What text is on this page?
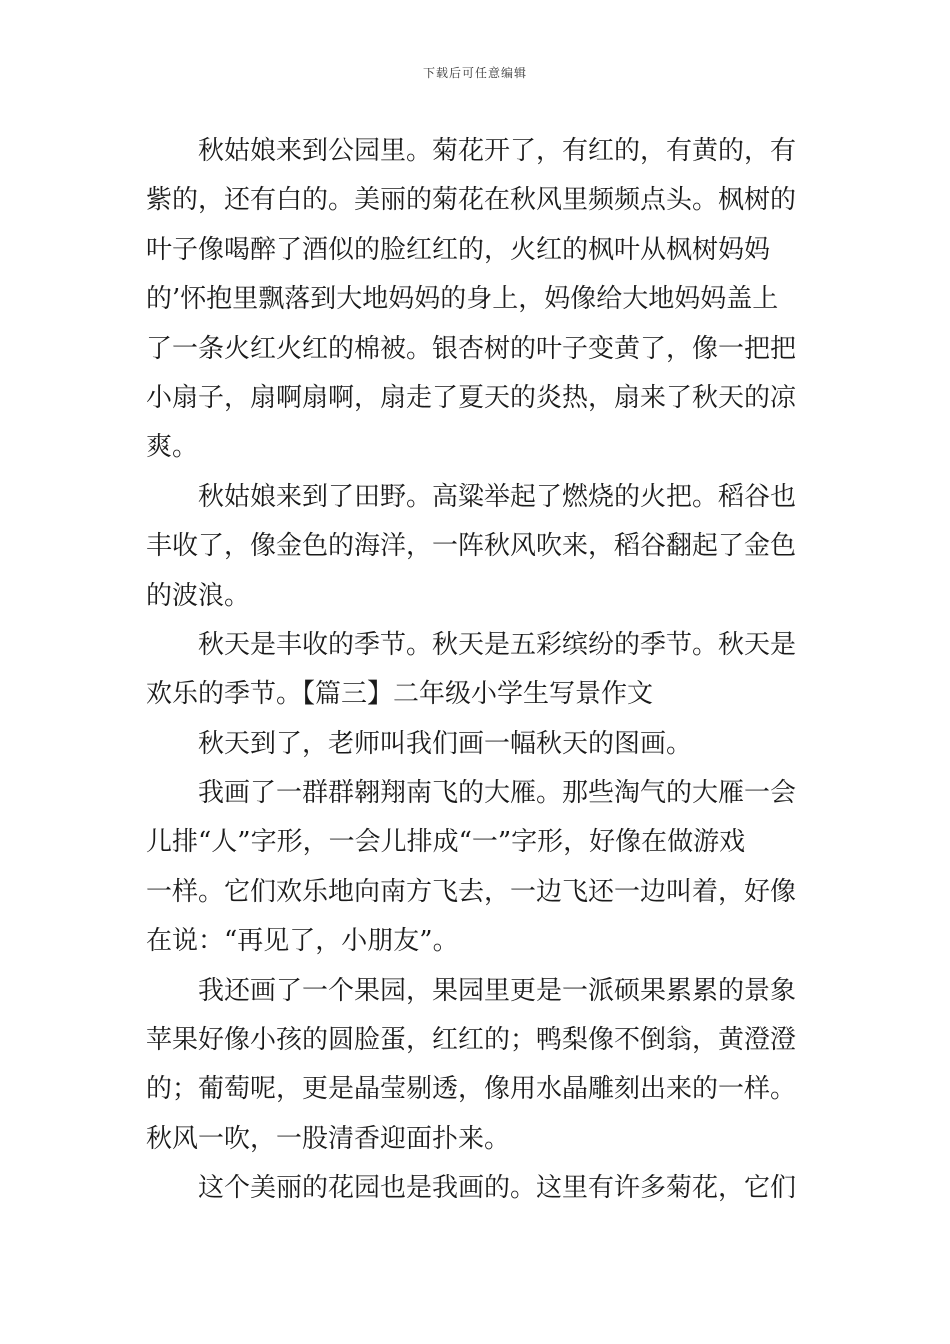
下载后可任意编辑
秋姑娘来到公园里。菊花开了，有红的，有黄的，有
紫的，还有白的。美丽的菊花在秋风里频频点头。枫树的
叶子像喝醉了酒似的脸红红的，火红的枫叶从枫树妈妈
的’怀抱里飘落到大地妈妈的身上，妈像给大地妈妈盖上
了一条火红火红的棉被。银杏树的叶子变黄了，像一把把
小扇子，扇啊扇啊，扇走了夏天的炎热，扇来了秋天的凉
爽。
秋姑娘来到了田野。高粱举起了燃烧的火把。稻谷也
丰收了，像金色的海洋，一阵秋风吹来，稻谷翻起了金色
的波浪。
秋天是丰收的季节。秋天是五彩缤纷的季节。秋天是
欢乐的季节。【篇三】二年级小学生写景作文
秋天到了，老师叫我们画一幅秋天的图画。
我画了一群群翱翔南飞的大雁。那些淘气的大雁一会
儿排“人”字形，一会儿排成“一”字形，好像在做游戏
一样。它们欢乐地向南方飞去，一边飞还一边叫着，好像
在说：“再见了，小朋友”。
我还画了一个果园，果园里更是一派硕果累累的景象
苹果好像小孩的圆脸蛋，红红的；鸭梨像不倒翁，黄澄澄
的；葡萄呢，更是晶莹剔透，像用水晶雕刻出来的一样。
秋风一吹，一股清香迎面扑来。
这个美丽的花园也是我画的。这里有许多菊花，它们
